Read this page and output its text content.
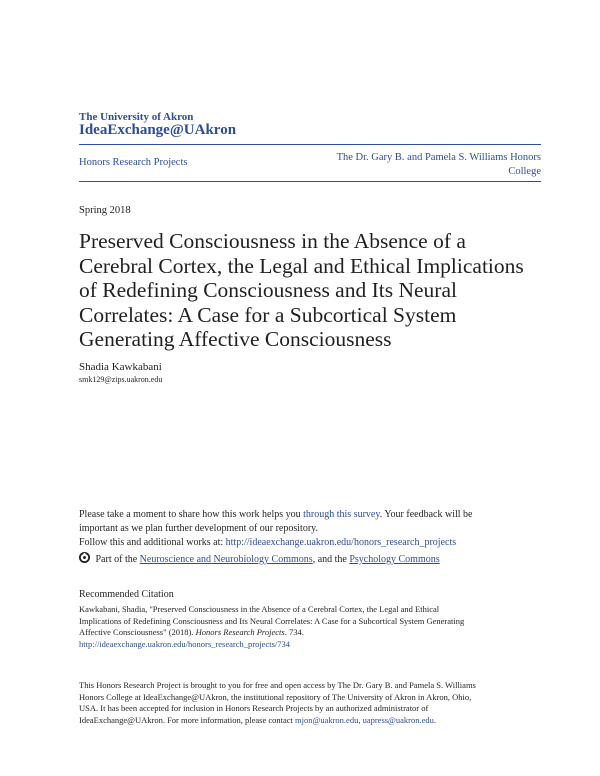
The University of Akron
IdeaExchange@UAkron
Honors Research Projects	The Dr. Gary B. and Pamela S. Williams Honors
College
Spring 2018
Preserved Consciousness in the Absence of a
Cerebral Cortex, the Legal and Ethical Implications
of Redefining Consciousness and Its Neural
Correlates: A Case for a Subcortical System
Generating Affective Consciousness
Shadia Kawkabani
smk129@zips.uakron.edu
Please take a moment to share how this work helps you through this survey. Your feedback will be
important as we plan further development of our repository.
Follow this and additional works at: http://ideaexchange.uakron.edu/honors_research_projects
Part of the Neuroscience and Neurobiology Commons, and the Psychology Commons
Recommended Citation
Kawkabani, Shadia, "Preserved Consciousness in the Absence of a Cerebral Cortex, the Legal and Ethical
Implications of Redefining Consciousness and Its Neural Correlates: A Case for a Subcortical System Generating
Affective Consciousness" (2018). Honors Research Projects. 734.
http://ideaexchange.uakron.edu/honors_research_projects/734
This Honors Research Project is brought to you for free and open access by The Dr. Gary B. and Pamela S. Williams
Honors College at IdeaExchange@UAkron, the institutional repository of The University of Akron in Akron, Ohio,
USA. It has been accepted for inclusion in Honors Research Projects by an authorized administrator of
IdeaExchange@UAkron. For more information, please contact mjon@uakron.edu, uapress@uakron.edu.
